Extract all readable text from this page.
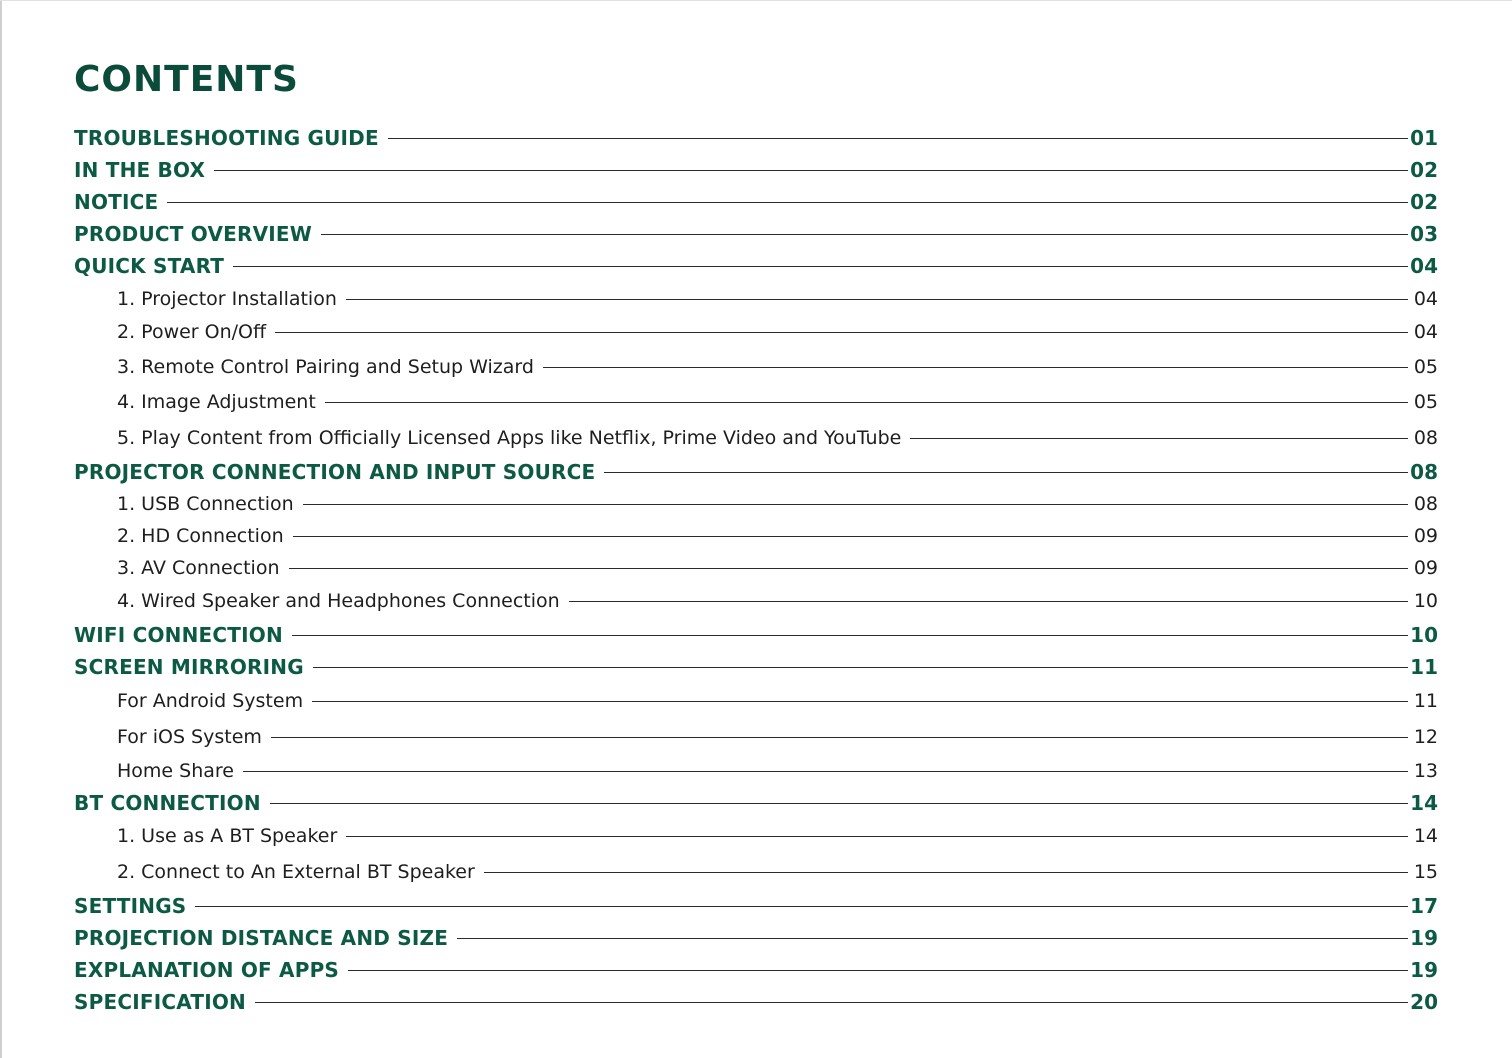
CONTENTS
TROUBLESHOOTING GUIDE	01
IN THE BOX	02
NOTICE	02
PRODUCT OVERVIEW	03
QUICK START	04
1. Projector Installation	04
2. Power On/Off	04
3. Remote Control Pairing and Setup Wizard	05
4. Image Adjustment	05
5. Play Content from Officially Licensed Apps like Netflix, Prime Video and YouTube	08
PROJECTOR CONNECTION AND INPUT SOURCE	08
1. USB Connection	08
2. HD Connection	09
3. AV Connection	09
4. Wired Speaker and Headphones Connection	10
WIFI CONNECTION	10
SCREEN MIRRORING	11
For Android System	11
For iOS System	12
Home Share	13
BT CONNECTION	14
1. Use as A BT Speaker	14
2. Connect to An External BT Speaker	15
SETTINGS	17
PROJECTION DISTANCE AND SIZE	19
EXPLANATION OF APPS	19
SPECIFICATION	20
